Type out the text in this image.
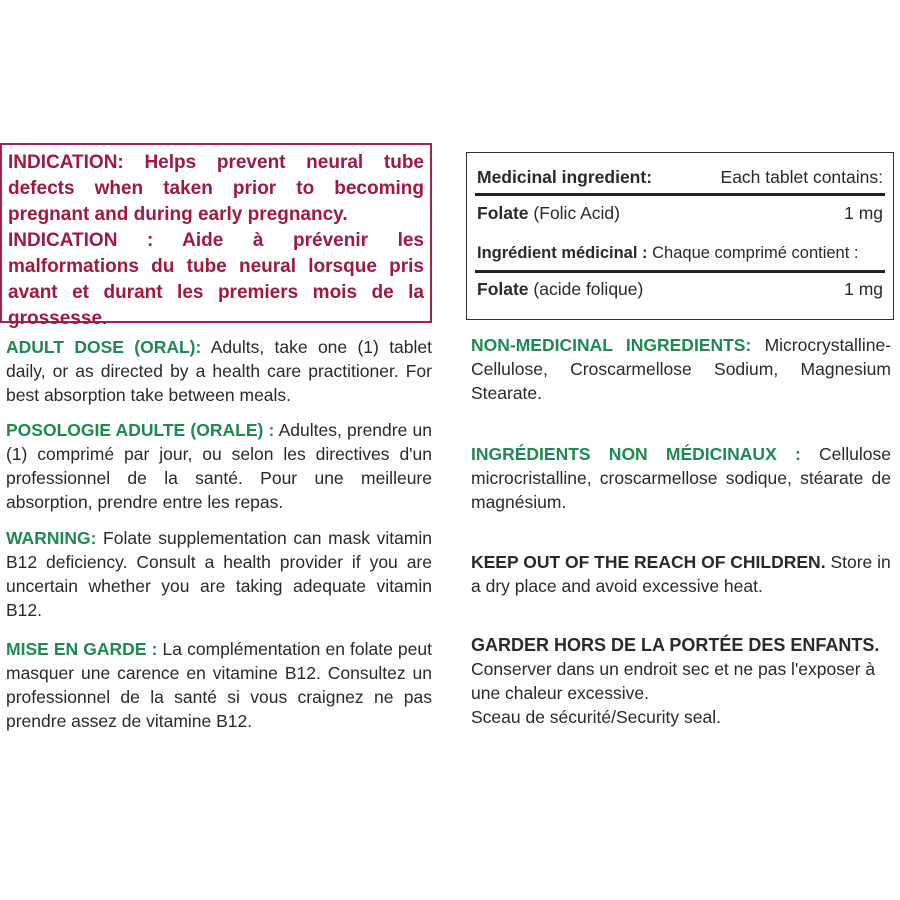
INDICATION: Helps prevent neural tube defects when taken prior to becoming pregnant and during early pregnancy.

INDICATION : Aide à prévenir les malformations du tube neural lorsque pris avant et durant les premiers mois de la grossesse.

ADULT DOSE (ORAL): Adults, take one (1) tablet daily, or as directed by a health care practitioner. For best absorption take between meals.

POSOLOGIE ADULTE (ORALE) : Adultes, prendre un (1) comprimé par jour, ou selon les directives d'un professionnel de la santé. Pour une meilleure absorption, prendre entre les repas.

WARNING: Folate supplementation can mask vitamin B12 deficiency. Consult a health provider if you are uncertain whether you are taking adequate vitamin B12.

MISE EN GARDE : La complémentation en folate peut masquer une carence en vitamine B12. Consultez un professionnel de la santé si vous craignez ne pas prendre assez de vitamine B12.

Medicinal ingredient:	Each tablet contains:
Folate (Folic Acid)	1 mg
Ingrédient médicinal : Chaque comprimé contient :
Folate (acide folique)	1 mg

NON-MEDICINAL INGREDIENTS: Microcrystalline-Cellulose, Croscarmellose Sodium, Magnesium Stearate.

INGRÉDIENTS NON MÉDICINAUX : Cellulose microcristalline, croscarmellose sodique, stéarate de magnésium.

KEEP OUT OF THE REACH OF CHILDREN. Store in a dry place and avoid excessive heat.

GARDER HORS DE LA PORTÉE DES ENFANTS.

Conserver dans un endroit sec et ne pas l'exposer à une chaleur excessive.

Sceau de sécurité/Security seal.
